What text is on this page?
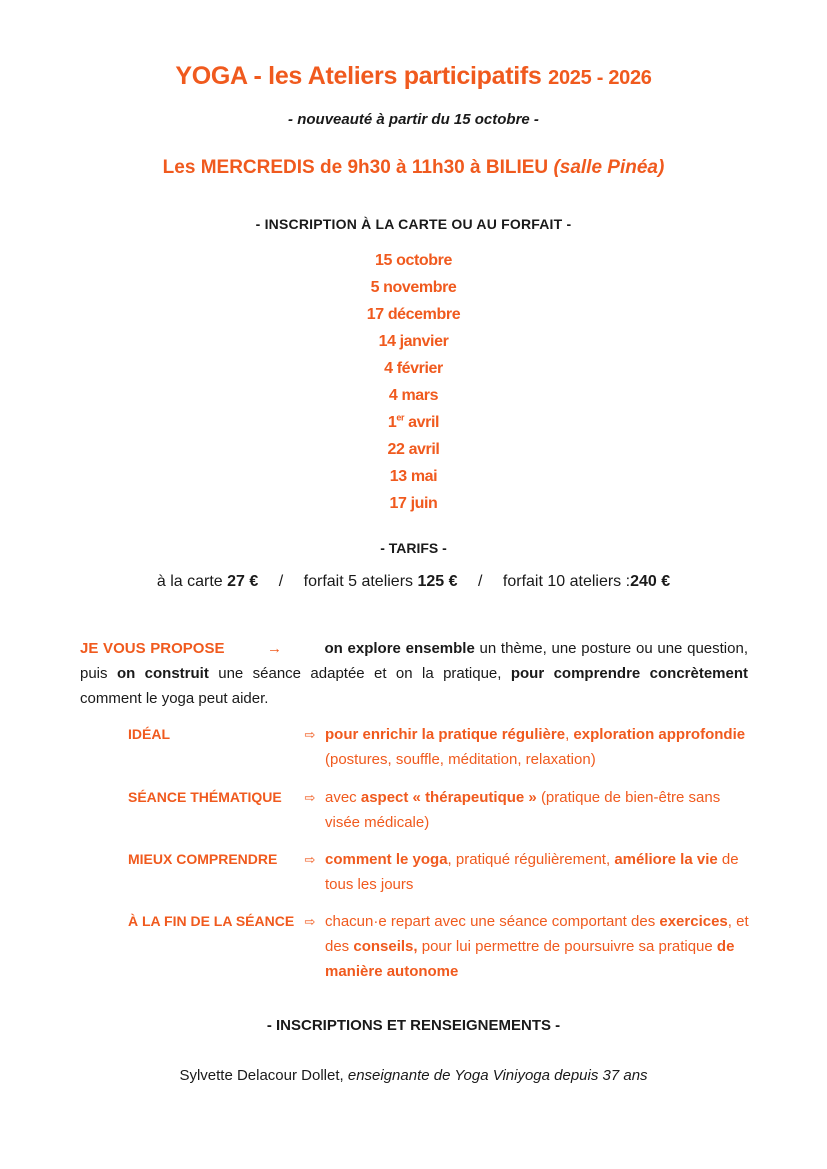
YOGA - les Ateliers participatifs 2025 - 2026
- nouveauté à partir du 15 octobre -
Les MERCREDIS de 9h30 à 11h30 à BILIEU (salle Pinéa)
- INSCRIPTION À LA CARTE OU AU FORFAIT -
15 octobre
5 novembre
17 décembre
14 janvier
4 février
4 mars
1er avril
22 avril
13 mai
17 juin
- TARIFS -
à la carte 27 € / forfait 5 ateliers 125 € / forfait 10 ateliers :240 €
JE VOUS PROPOSE	→	on explore ensemble un thème, une posture ou une question, puis on construit une séance adaptée et on la pratique, pour comprendre concrètement comment le yoga peut aider.
IDÉAL	⇨ pour enrichir la pratique régulière, exploration approfondie (postures, souffle, méditation, relaxation)
SÉANCE THÉMATIQUE	⇨ avec aspect « thérapeutique » (pratique de bien-être sans visée médicale)
MIEUX COMPRENDRE	⇨ comment le yoga, pratiqué régulièrement, améliore la vie de tous les jours
À LA FIN DE LA SÉANCE ⇨ chacun·e repart avec une séance comportant des exercices, et des conseils, pour lui permettre de poursuivre sa pratique de manière autonome
- INSCRIPTIONS ET RENSEIGNEMENTS -
Sylvette Delacour Dollet, enseignante de Yoga Viniyoga depuis 37 ans
